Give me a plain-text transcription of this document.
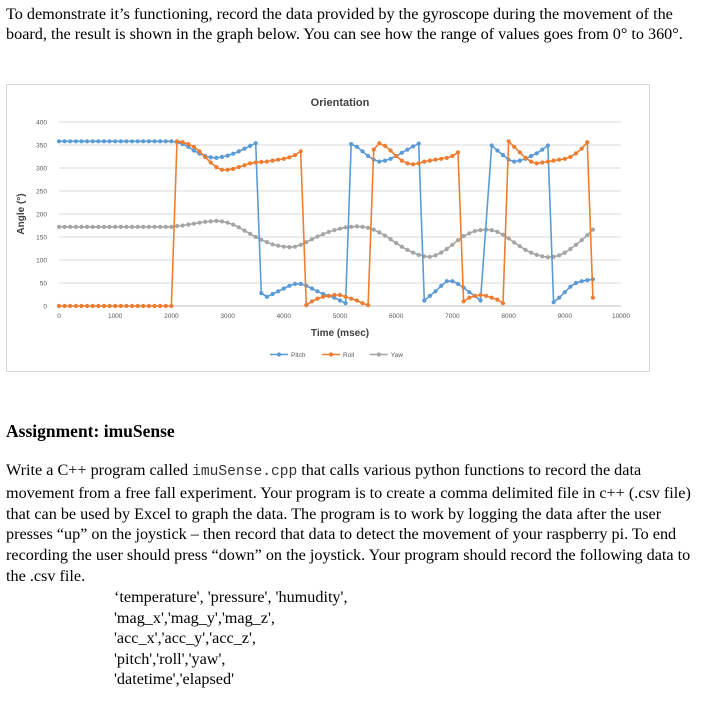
To demonstrate it’s functioning, record the data provided by the gyroscope during the movement of the board, the result is shown in the graph below. You can see how the range of values goes from 0° to 360°.

Orientation
0
50
100
150
200
250
300
350
400
0	1000	2000	3000	4000	5000	6000	7000	8000	9000	10000
Time (msec)
Angle (°)
Pitch	Roll	Yaw
Assignment: imuSense

Write a C++ program called imuSense.cpp that calls various python functions to record the data movement from a free fall experiment. Your program is to create a comma delimited file in c++ (.csv file) that can be used by Excel to graph the data. The program is to work by logging the data after the user presses “up” on the joystick – then record that data to detect the movement of your raspberry pi. To end recording the user should press “down” on the joystick. Your program should record the following data to the .csv file.

‘temperature', 'pressure', 'humudity',
'mag_x','mag_y','mag_z',
'acc_x','acc_y','acc_z',
'pitch','roll','yaw',
'datetime','elapsed'
